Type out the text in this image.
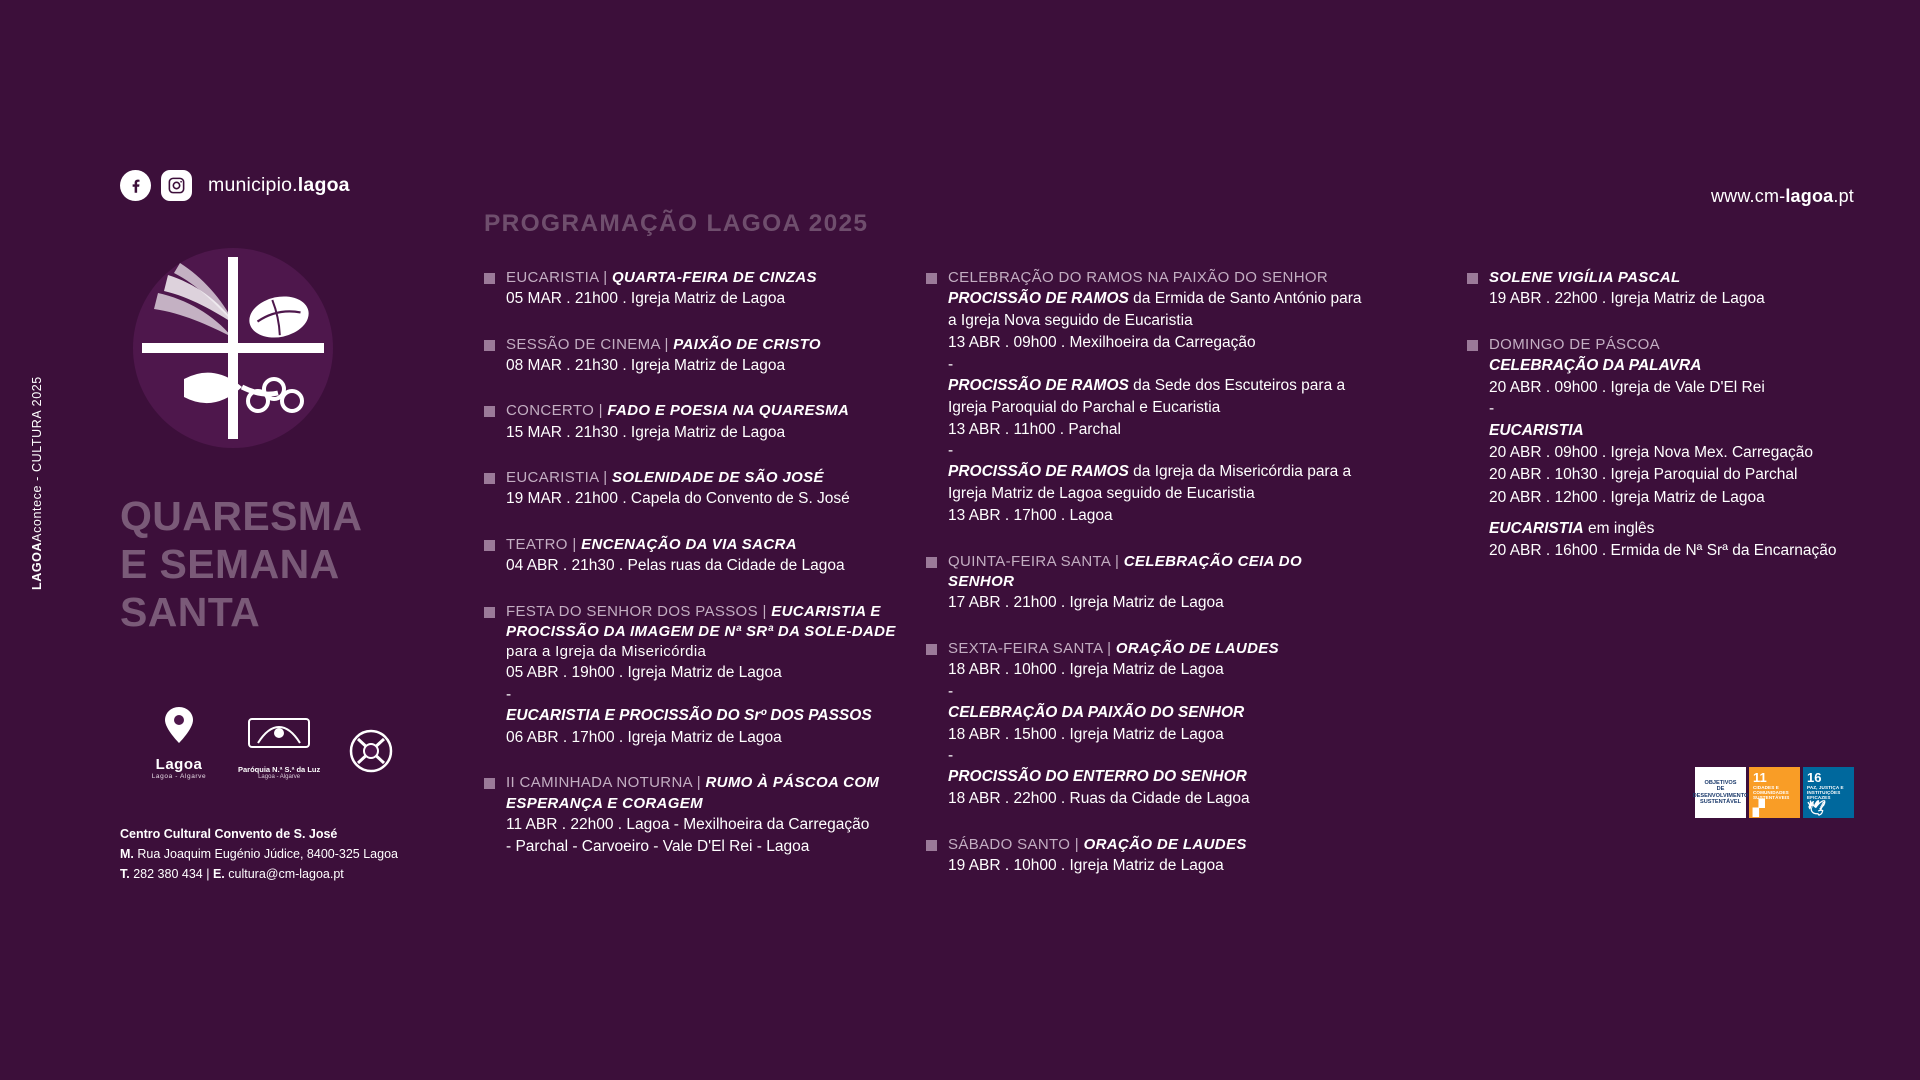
municipio.lagoa
QUARESMA
E SEMANA
SANTA
Lagoa
Lagoa - Algarve
Paróquia N.ª S.ª da Luz
Lagoa - Algarve
Centro Cultural Convento de S. José
M. Rua Joaquim Eugénio Júdice, 8400-325 Lagoa
T. 282 380 434 | E. cultura@cm-lagoa.pt
LAGOAAcontece - CULTURA 2025
PROGRAMAÇÃO LAGOA 2025
www.cm-lagoa.pt
EUCARISTIA | QUARTA-FEIRA DE CINZAS
05 MAR . 21h00 . Igreja Matriz de Lagoa
SESSÃO DE CINEMA | PAIXÃO DE CRISTO
08 MAR . 21h30 . Igreja Matriz de Lagoa
CONCERTO | FADO E POESIA NA QUARESMA
15 MAR . 21h30 . Igreja Matriz de Lagoa
EUCARISTIA | SOLENIDADE DE SÃO JOSÉ
19 MAR . 21h00 . Capela do Convento de S. José
TEATRO | ENCENAÇÃO DA VIA SACRA
04 ABR . 21h30 . Pelas ruas da Cidade de Lagoa
FESTA DO SENHOR DOS PASSOS | EUCARISTIA E PROCISSÃO DA IMAGEM DE Nª SRª DA SOLE-DADE para a Igreja da Misericórdia
05 ABR . 19h00 . Igreja Matriz de Lagoa
-
EUCARISTIA E PROCISSÃO DO Srº DOS PASSOS
06 ABR . 17h00 . Igreja Matriz de Lagoa
II CAMINHADA NOTURNA | RUMO À PÁSCOA COM ESPERANÇA E CORAGEM
11 ABR . 22h00 . Lagoa - Mexilhoeira da Carregação
- Parchal - Carvoeiro - Vale D'El Rei - Lagoa
CELEBRAÇÃO DO RAMOS NA PAIXÃO DO SENHOR
PROCISSÃO DE RAMOS da Ermida de Santo António para a Igreja Nova seguido de Eucaristia
13 ABR . 09h00 . Mexilhoeira da Carregação
-
PROCISSÃO DE RAMOS da Sede dos Escuteiros para a Igreja Paroquial do Parchal e Eucaristia
13 ABR . 11h00 . Parchal
-
PROCISSÃO DE RAMOS da Igreja da Misericórdia para a Igreja Matriz de Lagoa seguido de Eucaristia
13 ABR . 17h00 . Lagoa
QUINTA-FEIRA SANTA | CELEBRAÇÃO CEIA DO SENHOR
17 ABR . 21h00 . Igreja Matriz de Lagoa
SEXTA-FEIRA SANTA | ORAÇÃO DE LAUDES
18 ABR . 10h00 . Igreja Matriz de Lagoa
-
CELEBRAÇÃO DA PAIXÃO DO SENHOR
18 ABR . 15h00 . Igreja Matriz de Lagoa
-
PROCISSÃO DO ENTERRO DO SENHOR
18 ABR . 22h00 . Ruas da Cidade de Lagoa
SÁBADO SANTO | ORAÇÃO DE LAUDES
19 ABR . 10h00 . Igreja Matriz de Lagoa
SOLENE VIGÍLIA PASCAL
19 ABR . 22h00 . Igreja Matriz de Lagoa
DOMINGO DE PÁSCOA
CELEBRAÇÃO DA PALAVRA
20 ABR . 09h00 . Igreja de Vale D'El Rei
-
EUCARISTIA
20 ABR . 09h00 . Igreja Nova Mex. Carregação
20 ABR . 10h30 . Igreja Paroquial do Parchal
20 ABR . 12h00 . Igreja Matriz de Lagoa
EUCARISTIA em inglês
20 ABR . 16h00 . Ermida de Nª Srª da Encarnação
OBJETIVOS
DE DESENVOLVIMENTO
SUSTENTÁVEL
11
CIDADES E COMUNIDADES SUSTENTÁVEIS
▞
16
PAZ, JUSTIÇA E INSTITUIÇÕES EFICAZES
🕊
